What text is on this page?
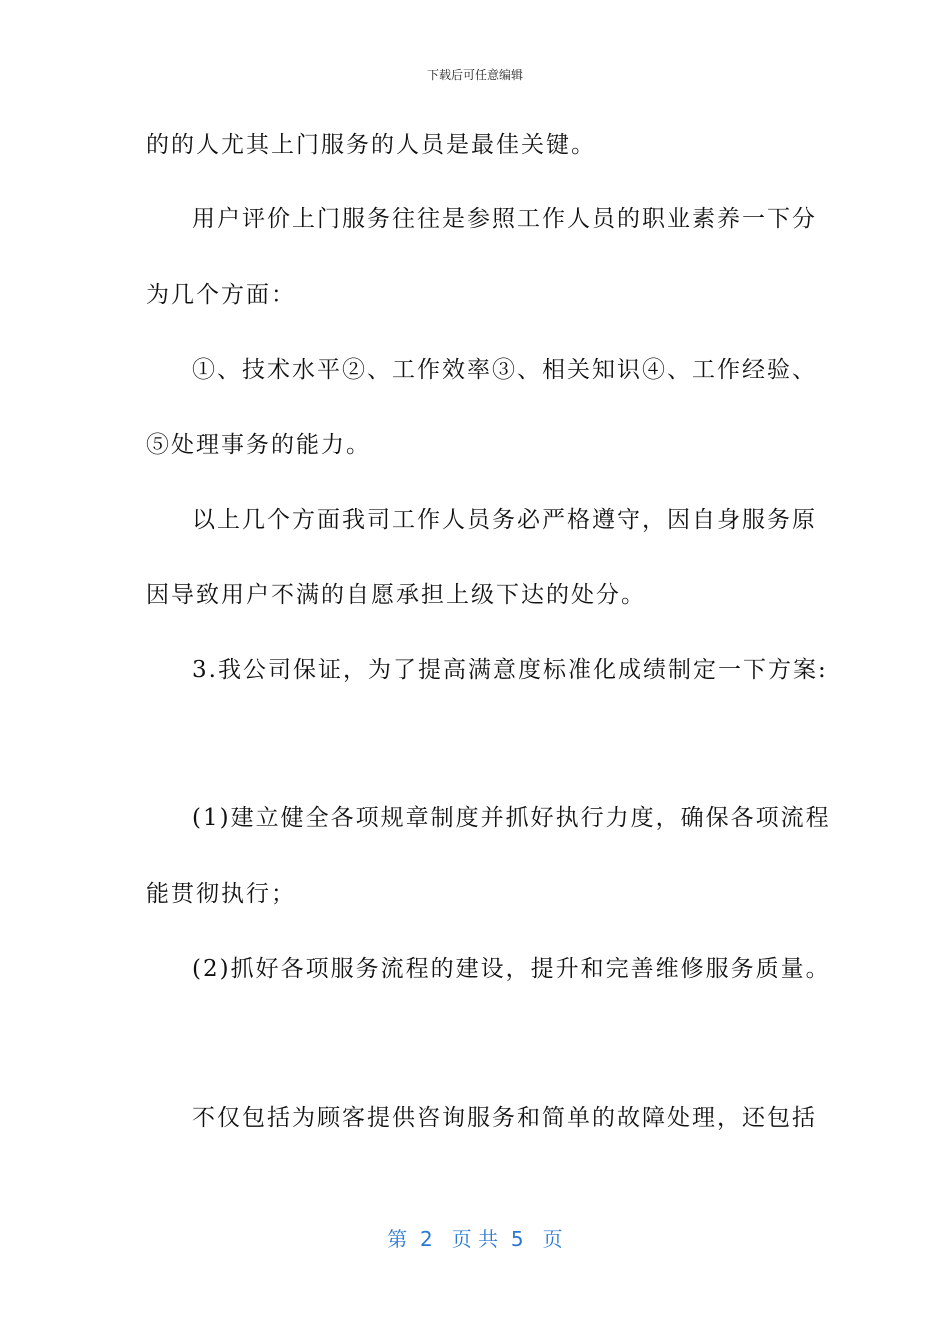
下载后可任意编辑
的的人尤其上门服务的人员是最佳关键。
用户评价上门服务往往是参照工作人员的职业素养一下分
为几个方面：
①、技术水平②、工作效率③、相关知识④、工作经验、
⑤处理事务的能力。
以上几个方面我司工作人员务必严格遵守，因自身服务原
因导致用户不满的自愿承担上级下达的处分。
3.我公司保证，为了提高满意度标准化成绩制定一下方案:
(1)建立健全各项规章制度并抓好执行力度，确保各项流程
能贯彻执行；
(2)抓好各项服务流程的建设，提升和完善维修服务质量。
不仅包括为顾客提供咨询服务和简单的故障处理，还包括
第  2   页 共  5   页
